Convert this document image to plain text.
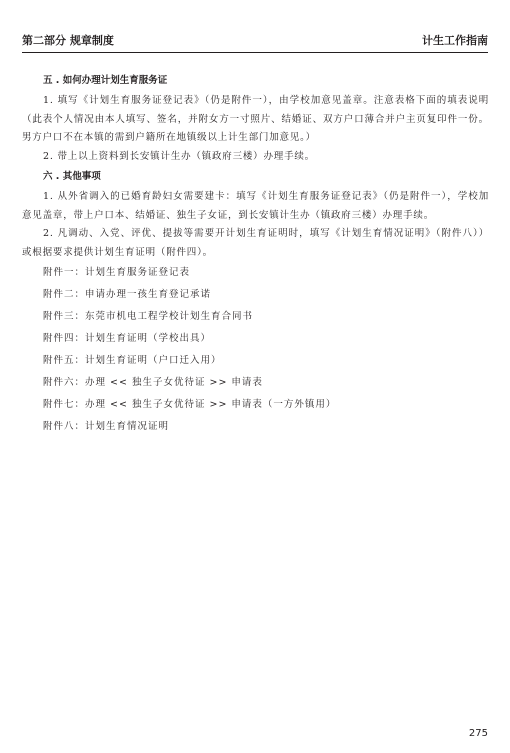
第二部分 规章制度	计生工作指南

五 . 如何办理计划生育服务证

1. 填写《计划生育服务证登记表》（仍是附件一），由学校加意见盖章。注意表格下面的填表说明（此表个人情况由本人填写、签名，并附女方一寸照片、结婚证、双方户口薄合并户主页复印件一份。男方户口不在本镇的需到户籍所在地镇级以上计生部门加意见。）

2. 带上以上资料到长安镇计生办（镇政府三楼）办理手续。

六 . 其他事项

1. 从外省调入的已婚育龄妇女需要建卡：填写《计划生育服务证登记表》（仍是附件一），学校加意见盖章，带上户口本、结婚证、独生子女证，到长安镇计生办（镇政府三楼）办理手续。

2. 凡调动、入党、评优、提拔等需要开计划生育证明时，填写《计划生育情况证明》（附件八））或根据要求提供计划生育证明（附件四）。

附件一：计划生育服务证登记表

附件二：申请办理一孩生育登记承诺

附件三：东莞市机电工程学校计划生育合同书

附件四：计划生育证明（学校出具）

附件五：计划生育证明（户口迁入用）

附件六：办理 << 独生子女优待证 >> 申请表

附件七：办理 << 独生子女优待证 >> 申请表（一方外镇用）

附件八：计划生育情况证明

275
